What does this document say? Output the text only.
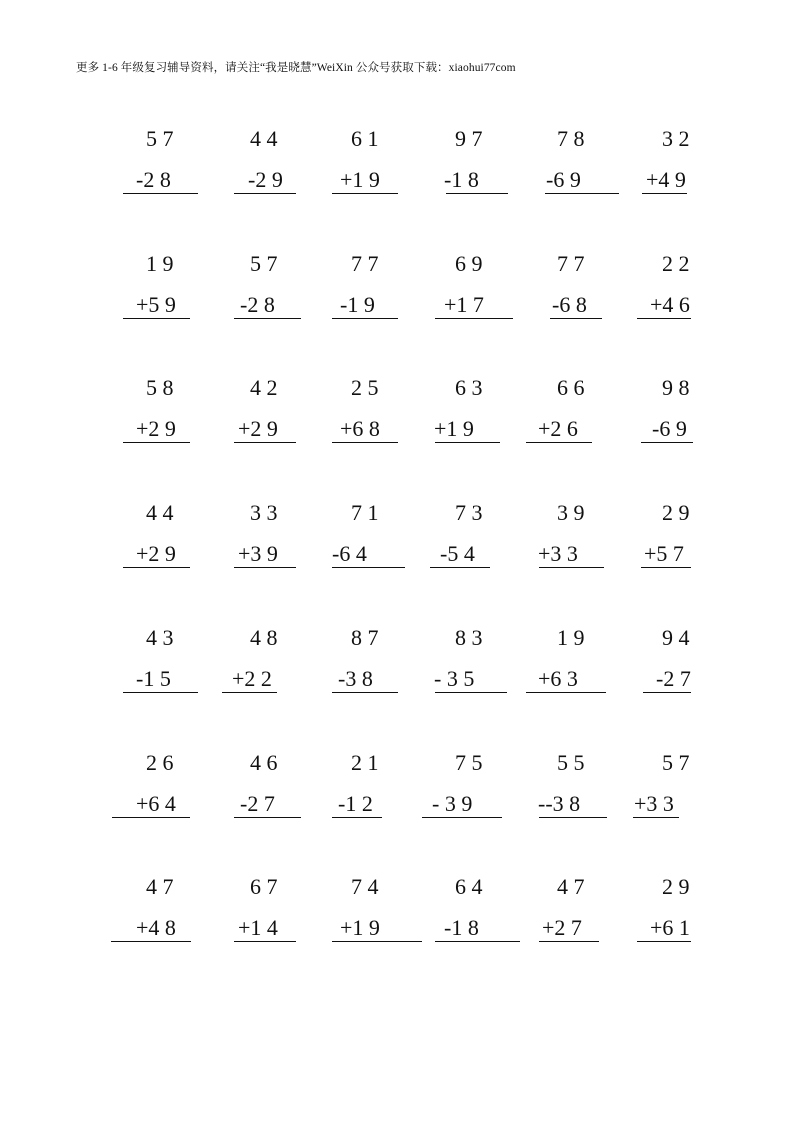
更多 1-6 年级复习辅导资料，请关注“我是晓慧”WeiXin 公众号获取下载：xiaohui77com
5 7
-2 8
4 4
-2 9
6 1
+1 9
9 7
-1 8
7 8
-6 9
3 2
+4 9
1 9
+5 9
5 7
-2 8
7 7
-1 9
6 9
+1 7
7 7
-6 8
2 2
+4 6
5 8
+2 9
4 2
+2 9
2 5
+6 8
6 3
+1 9
6 6
+2 6
9 8
-6 9
4 4
+2 9
3 3
+3 9
7 1
-6 4
7 3
-5 4
3 9
+3 3
2 9
+5 7
4 3
-1 5
4 8
+2 2
8 7
-3 8
8 3
- 3 5
1 9
+6 3
9 4
-2 7
2 6
+6 4
4 6
-2 7
2 1
-1 2
7 5
- 3 9
5 5
--3 8
5 7
+3 3
4 7
+4 8
6 7
+1 4
7 4
+1 9
6 4
-1 8
4 7
+2 7
2 9
+6 1
